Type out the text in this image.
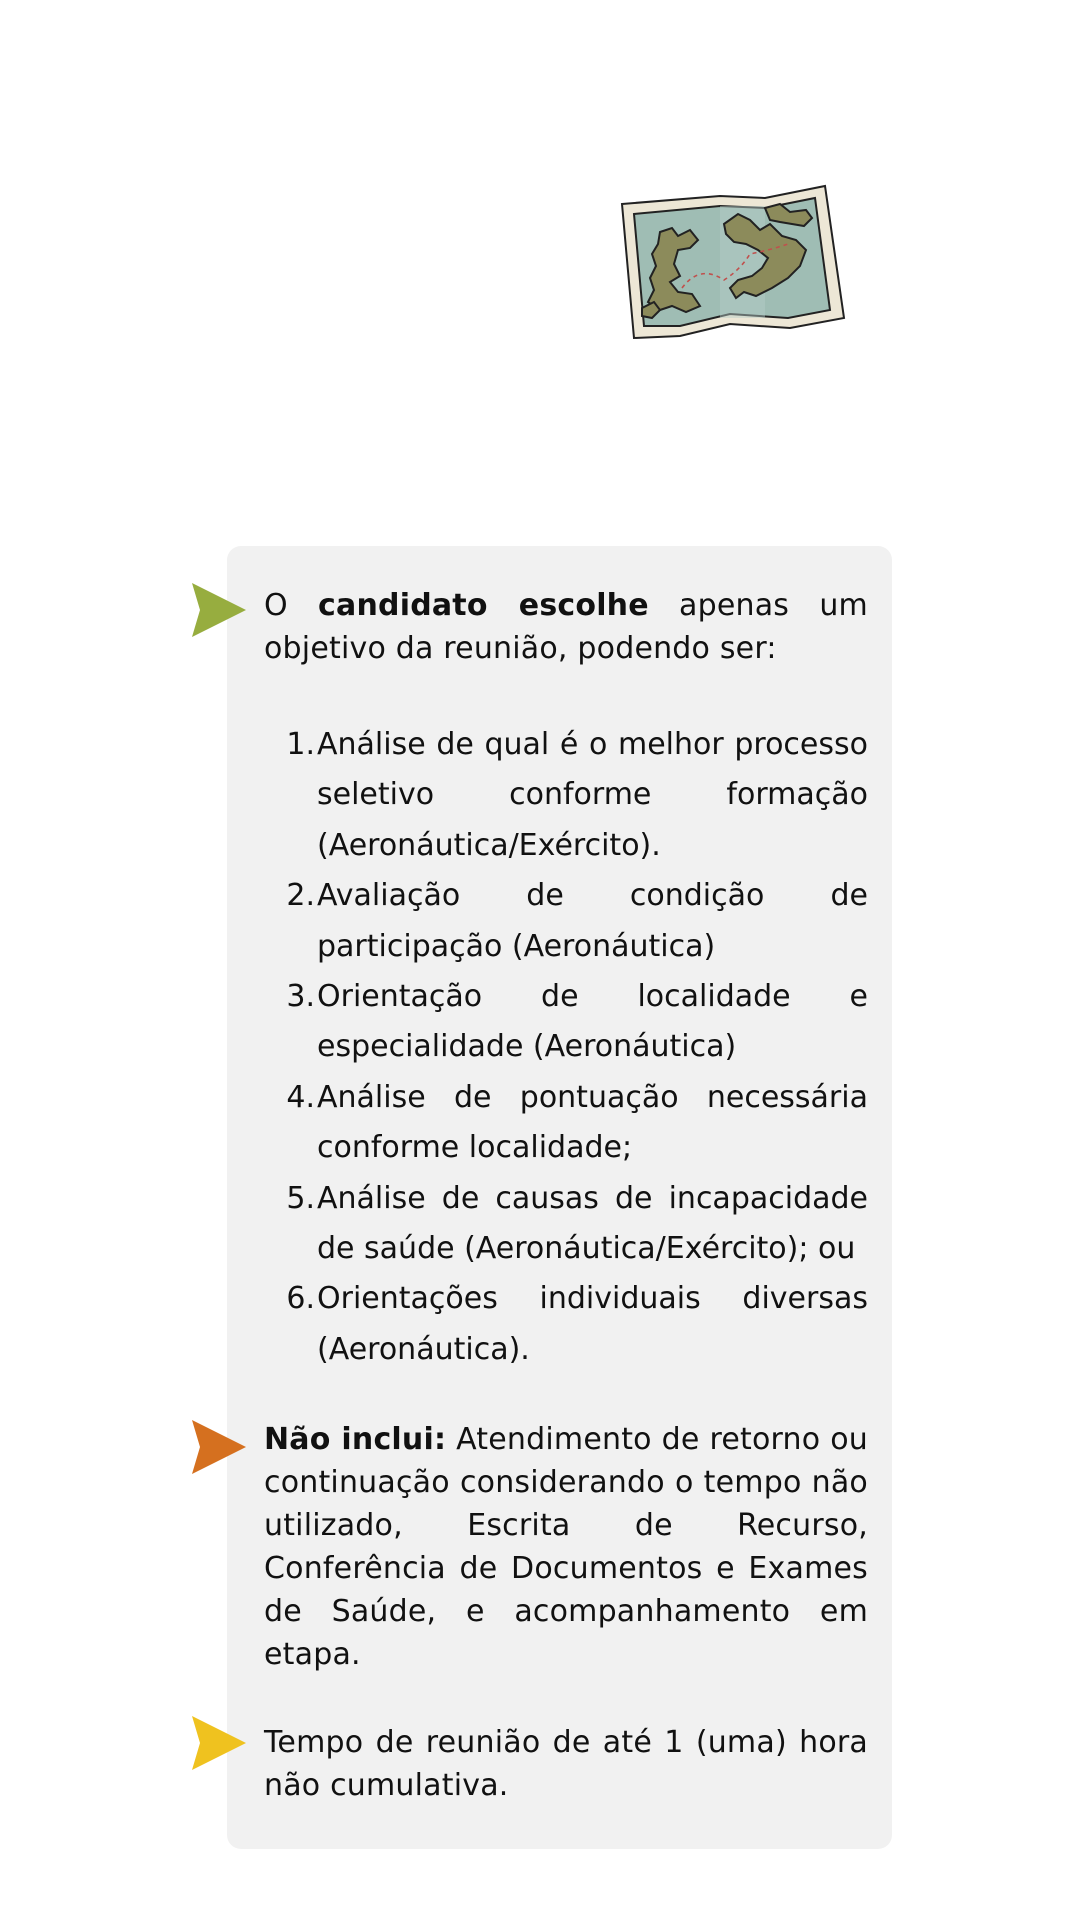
O candidato escolhe apenas um objetivo da reunião, podendo ser:

1. Análise de qual é o melhor processo seletivo conforme formação (Aeronáutica/Exército).
2. Avaliação de condição de participação (Aeronáutica)
3. Orientação de localidade e especialidade (Aeronáutica)
4. Análise de pontuação necessária conforme localidade;
5. Análise de causas de incapacidade de saúde (Aeronáutica/Exército); ou
6. Orientações individuais diversas (Aeronáutica).

Não inclui: Atendimento de retorno ou continuação considerando o tempo não utilizado, Escrita de Recurso, Conferência de Documentos e Exames de Saúde, e acompanhamento em etapa.

Tempo de reunião de até 1 (uma) hora não cumulativa.
